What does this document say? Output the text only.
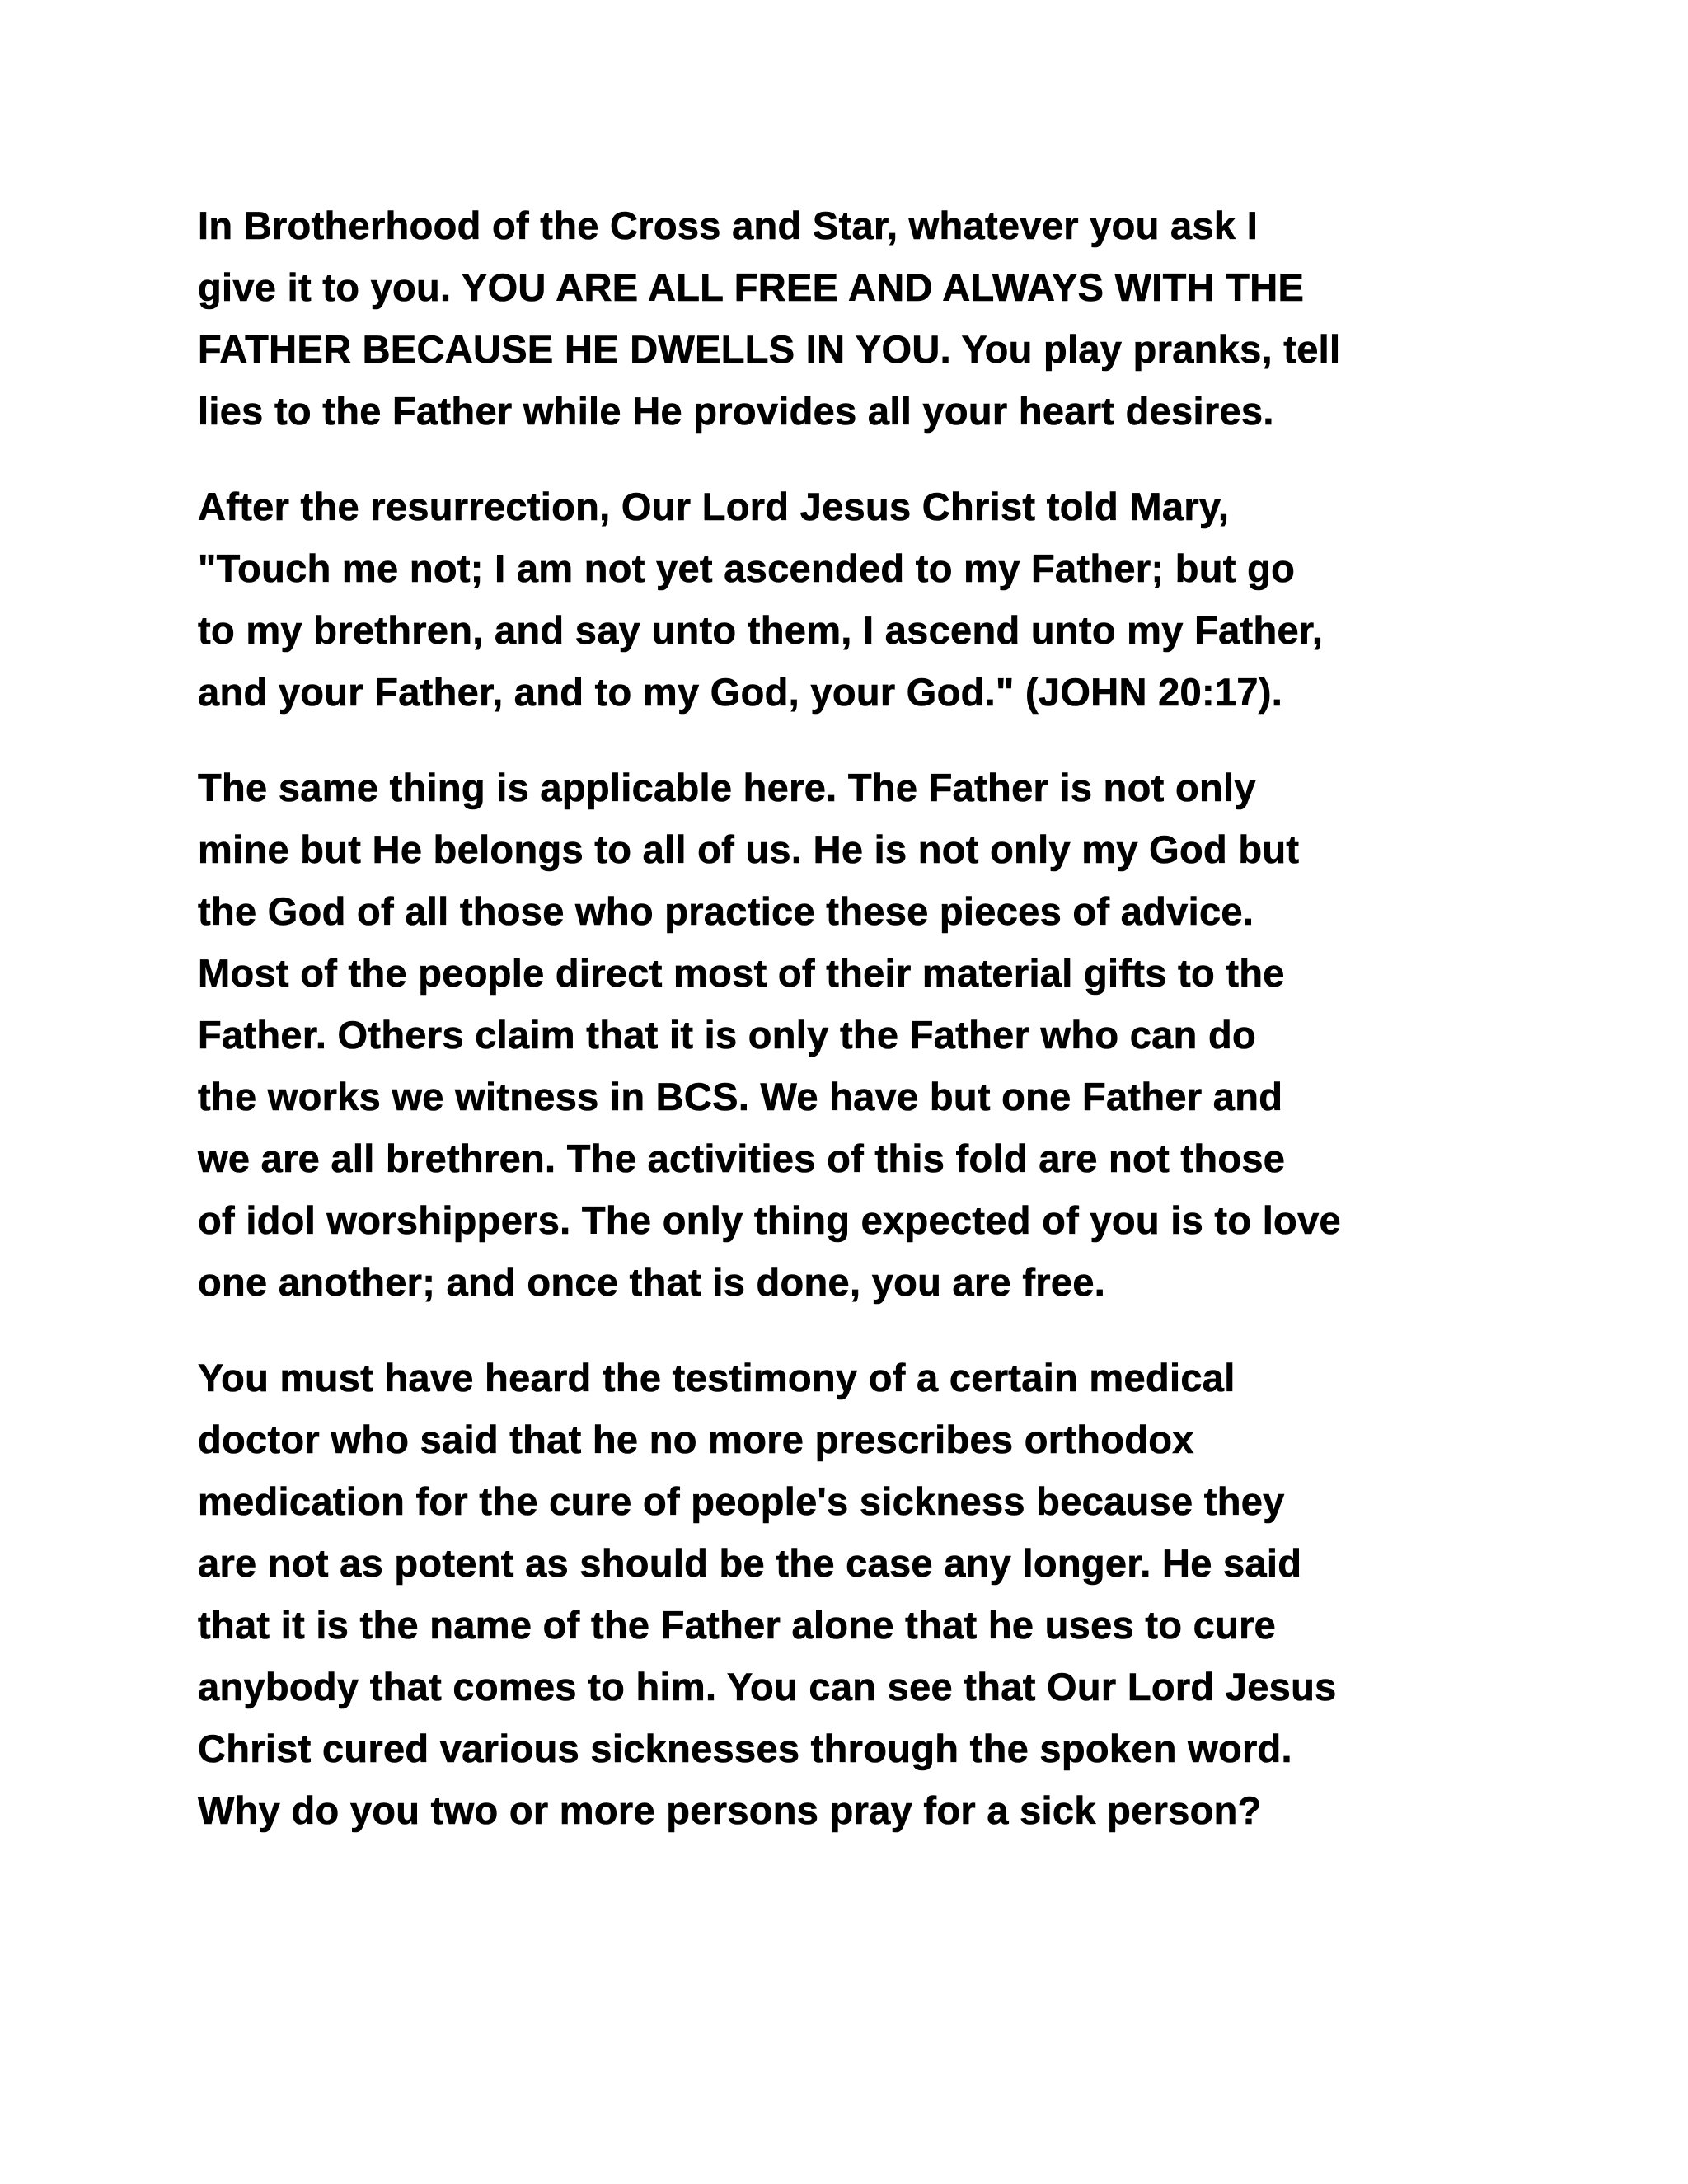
In Brotherhood of the Cross and Star, whatever you ask I
give it to you. YOU ARE ALL FREE AND ALWAYS WITH THE
FATHER BECAUSE HE DWELLS IN YOU. You play pranks, tell
lies to the Father while He provides all your heart desires.

After the resurrection, Our Lord Jesus Christ told Mary,
"Touch me not; I am not yet ascended to my Father; but go
to my brethren, and say unto them, I ascend unto my Father,
and your Father, and to my God, your God." (JOHN 20:17).

The same thing is applicable here. The Father is not only
mine but He belongs to all of us. He is not only my God but
the God of all those who practice these pieces of advice.
Most of the people direct most of their material gifts to the
Father. Others claim that it is only the Father who can do
the works we witness in BCS. We have but one Father and
we are all brethren. The activities of this fold are not those
of idol worshippers. The only thing expected of you is to love
one another; and once that is done, you are free.

You must have heard the testimony of a certain medical
doctor who said that he no more prescribes orthodox
medication for the cure of people's sickness because they
are not as potent as should be the case any longer. He said
that it is the name of the Father alone that he uses to cure
anybody that comes to him. You can see that Our Lord Jesus
Christ cured various sicknesses through the spoken word.
Why do you two or more persons pray for a sick person?
